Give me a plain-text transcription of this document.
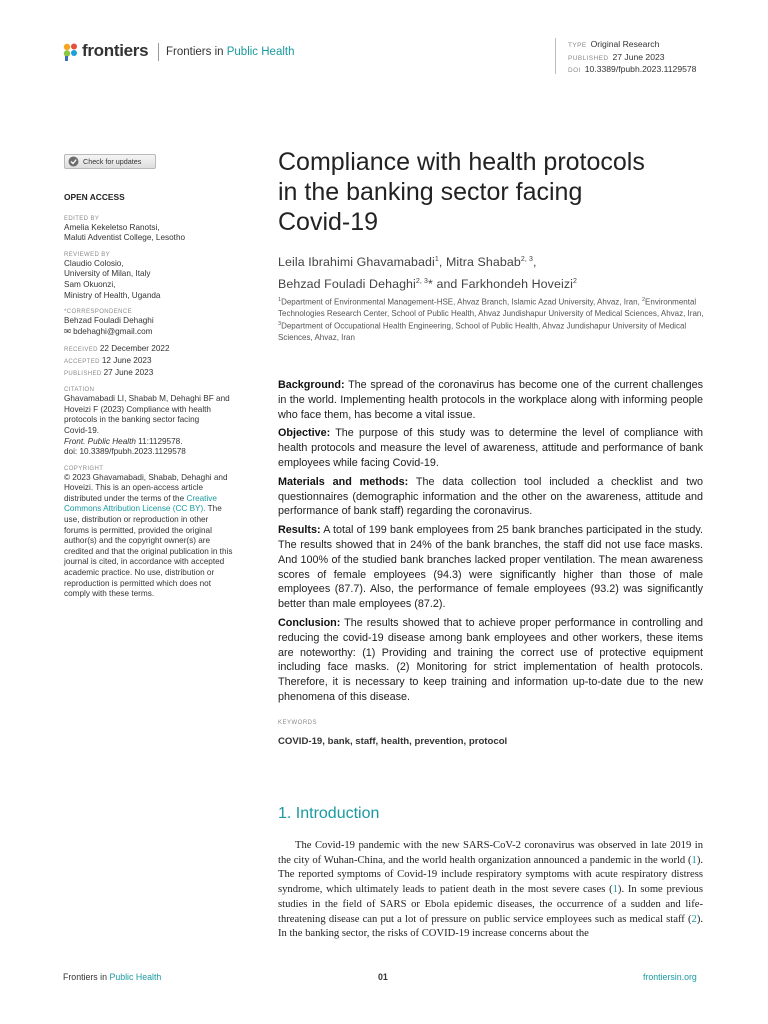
frontiers Frontiers in Public Health
TYPE Original Research
PUBLISHED 27 June 2023
DOI 10.3389/fpubh.2023.1129578
Check for updates
OPEN ACCESS
EDITED BY
Amelia Kekeletso Ranotsi,
Maluti Adventist College, Lesotho
REVIEWED BY
Claudio Colosio,
University of Milan, Italy
Sam Okuonzi,
Ministry of Health, Uganda
*CORRESPONDENCE
Behzad Fouladi Dehaghi
✉ bdehaghi@gmail.com
RECEIVED 22 December 2022
ACCEPTED 12 June 2023
PUBLISHED 27 June 2023
CITATION
Ghavamabadi LI, Shabab M, Dehaghi BF and
Hoveizi F (2023) Compliance with health
protocols in the banking sector facing
Covid-19.
Front. Public Health 11:1129578.
doi: 10.3389/fpubh.2023.1129578
COPYRIGHT
© 2023 Ghavamabadi, Shabab, Dehaghi and
Hoveizi. This is an open-access article
distributed under the terms of the Creative
Commons Attribution License (CC BY). The
use, distribution or reproduction in other
forums is permitted, provided the original
author(s) and the copyright owner(s) are
credited and that the original publication in this
journal is cited, in accordance with accepted
academic practice. No use, distribution or
reproduction is permitted which does not
comply with these terms.
Compliance with health protocols
in the banking sector facing
Covid-19
Leila Ibrahimi Ghavamabadi$^1$, Mitra Shabab$^{2, 3}$,
Behzad Fouladi Dehaghi$^{2, 3}$* and Farkhondeh Hoveizi$^2$
$^1$Department of Environmental Management-HSE, Ahvaz Branch, Islamic Azad University, Ahvaz, Iran, $^2$Environmental Technologies Research Center, School of Public Health, Ahvaz Jundishapur University of Medical Sciences, Ahvaz, Iran, $^3$Department of Occupational Health Engineering, School of Public Health, Ahvaz Jundishapur University of Medical Sciences, Ahvaz, Iran

Background: The spread of the coronavirus has become one of the current challenges in the world. Implementing health protocols in the workplace along with informing people who face them, has become a vital issue.

Objective: The purpose of this study was to determine the level of compliance with health protocols and measure the level of awareness, attitude and performance of bank employees while facing Covid-19.

Materials and methods: The data collection tool included a checklist and two questionnaires (demographic information and the other on the awareness, attitude and performance of bank staff) regarding the coronavirus.

Results: A total of 199 bank employees from 25 bank branches participated in the study. The results showed that in 24% of the bank branches, the staff did not use face masks. And 100% of the studied bank branches lacked proper ventilation. The mean awareness scores of female employees (94.3) were significantly higher than those of male employees (87.7). Also, the performance of female employees (93.2) was significantly better than male employees (87.2).

Conclusion: The results showed that to achieve proper performance in controlling and reducing the covid-19 disease among bank employees and other workers, these items are noteworthy: (1) Providing and training the correct use of protective equipment including face masks. (2) Monitoring for strict implementation of health protocols. Therefore, it is necessary to keep training and information up-to-date due to the new phenomena of this disease.

KEYWORDS
COVID-19, bank, staff, health, prevention, protocol
1. Introduction
The Covid-19 pandemic with the new SARS-CoV-2 coronavirus was observed in late 2019 in the city of Wuhan-China, and the world health organization announced a pandemic in the world (1). The reported symptoms of Covid-19 include respiratory symptoms with acute respiratory distress syndrome, which ultimately leads to patient death in the most severe cases (1). In some previous studies in the field of SARS or Ebola epidemic diseases, the occurrence of a sudden and life-threatening disease can put a lot of pressure on public service employees such as medical staff (2). In the banking sector, the risks of COVID-19 increase concerns about the
Frontiers in Public Health	01	frontiersin.org
